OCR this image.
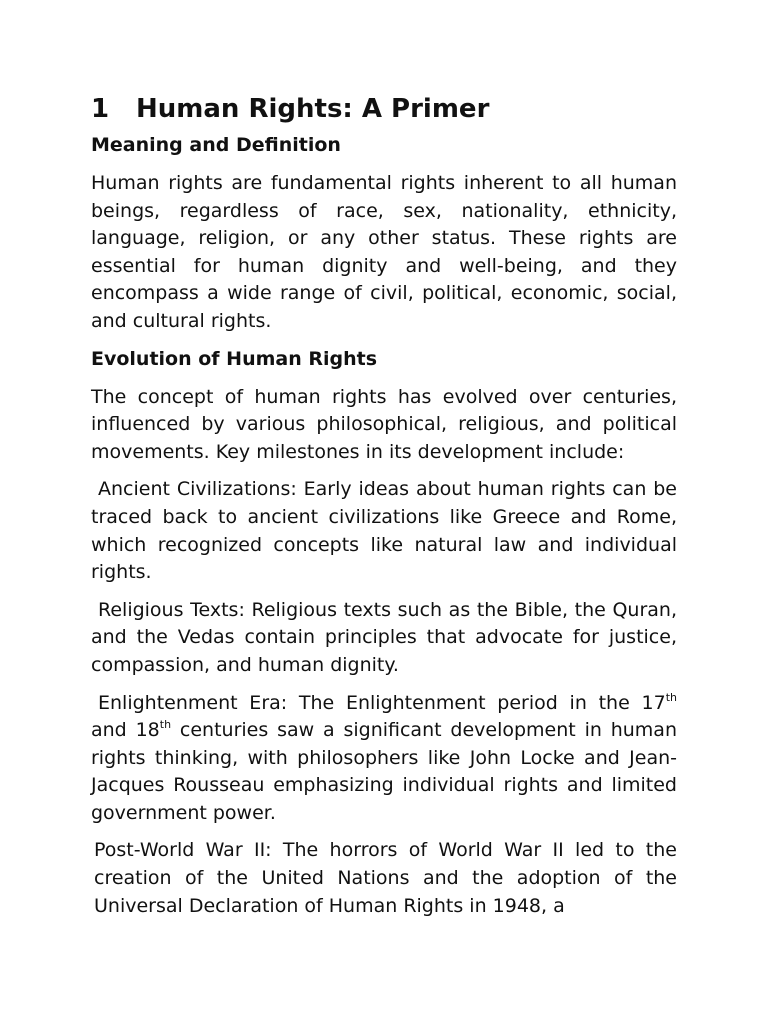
1 Human Rights: A Primer
Meaning and Definition
Human rights are fundamental rights inherent to all human beings, regardless of race, sex, nationality, ethnicity, language, religion, or any other status. These rights are essential for human dignity and well-being, and they encompass a wide range of civil, political, economic, social, and cultural rights.
Evolution of Human Rights
The concept of human rights has evolved over centuries, influenced by various philosophical, religious, and political movements. Key milestones in its development include:
Ancient Civilizations: Early ideas about human rights can be traced back to ancient civilizations like Greece and Rome, which recognized concepts like natural law and individual rights.
Religious Texts: Religious texts such as the Bible, the Quran, and the Vedas contain principles that advocate for justice, compassion, and human dignity.
Enlightenment Era: The Enlightenment period in the 17th and 18th centuries saw a significant development in human rights thinking, with philosophers like John Locke and Jean-Jacques Rousseau emphasizing individual rights and limited government power.
Post-World War II: The horrors of World War II led to the creation of the United Nations and the adoption of the Universal Declaration of Human Rights in 1948, a
